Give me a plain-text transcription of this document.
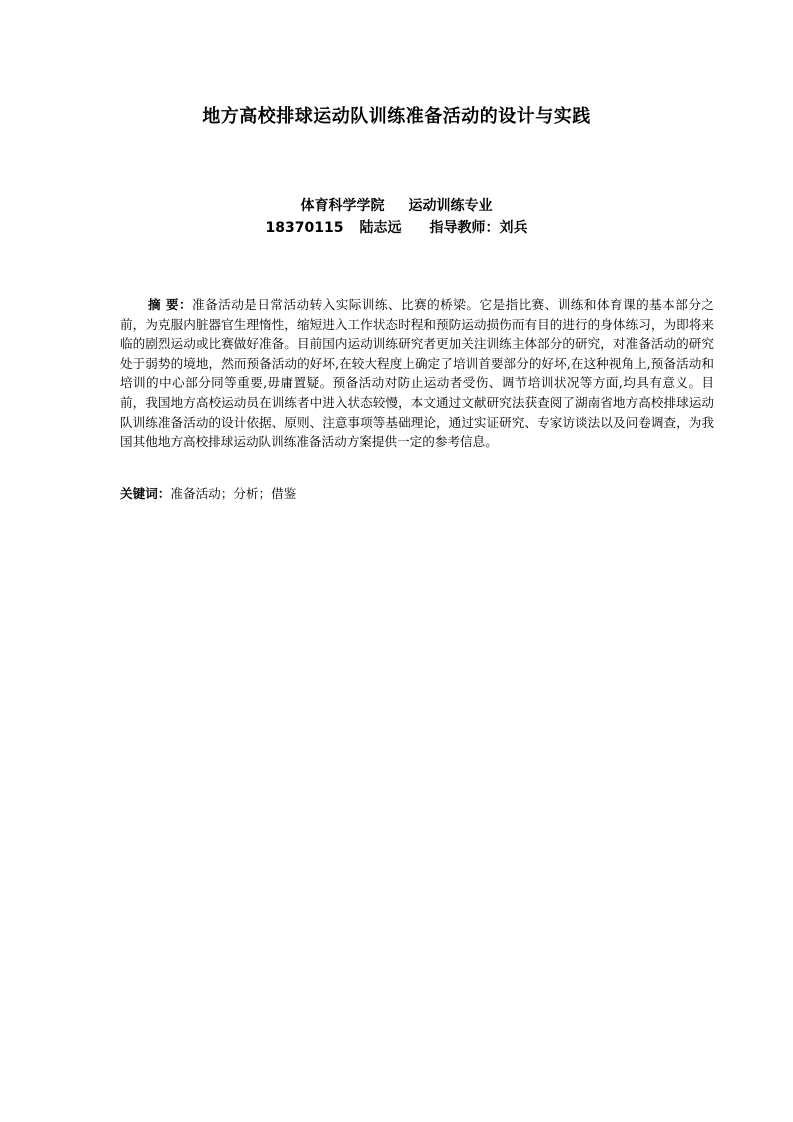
地方高校排球运动队训练准备活动的设计与实践
体育科学学院 运动训练专业
18370115 陆志远 指导教师：刘兵
摘 要：准备活动是日常活动转入实际训练、比赛的桥梁。它是指比赛、训练和体育课的基本部分之前，为克服内脏器官生理惰性，缩短进入工作状态时程和预防运动损伤而有目的进行的身体练习，为即将来临的剧烈运动或比赛做好准备。目前国内运动训练研究者更加关注训练主体部分的研究，对准备活动的研究处于弱势的境地，然而预备活动的好坏,在较大程度上确定了培训首要部分的好坏,在这种视角上,预备活动和培训的中心部分同等重要,毋庸置疑。预备活动对防止运动者受伤、调节培训状况等方面,均具有意义。目前，我国地方高校运动员在训练者中进入状态较慢，本文通过文献研究法获查阅了湖南省地方高校排球运动队训练准备活动的设计依据、原则、注意事项等基础理论，通过实证研究、专家访谈法以及问卷调查，为我国其他地方高校排球运动队训练准备活动方案提供一定的参考信息。
关键词：准备活动；分析；借鉴
